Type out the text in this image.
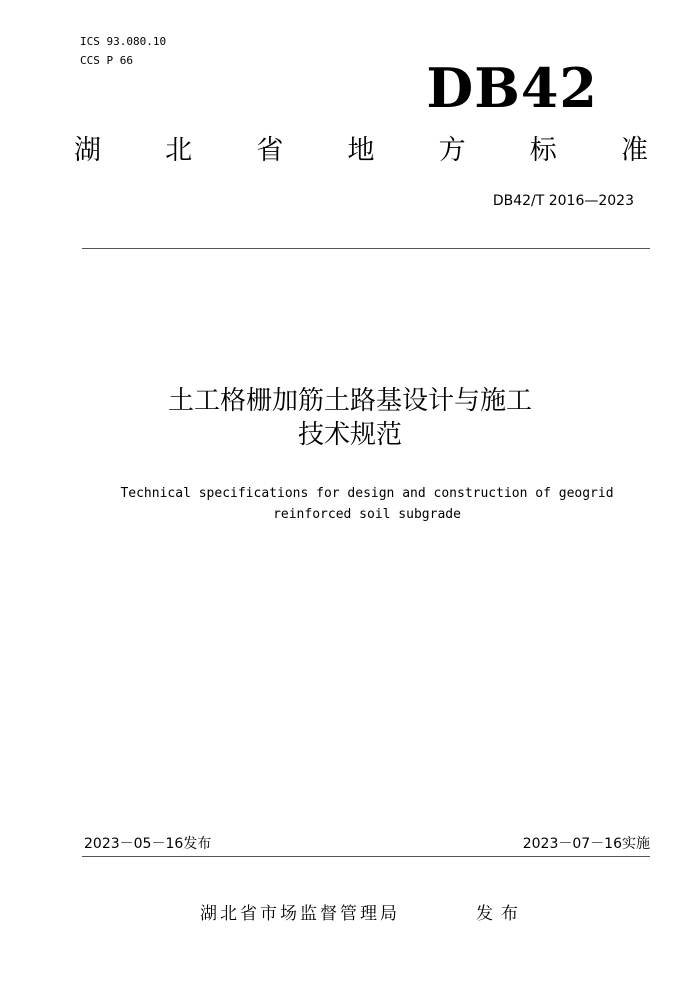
ICS 93.080.10
CCS P 66	DB42
湖 北 省 地 方 标 准
DB42/T 2016—2023
土工格栅加筋土路基设计与施工
技术规范
Technical specifications for design and construction of geogrid
reinforced soil subgrade
2023－05－16发布	2023－07－16实施
湖北省市场监督管理局	发布
